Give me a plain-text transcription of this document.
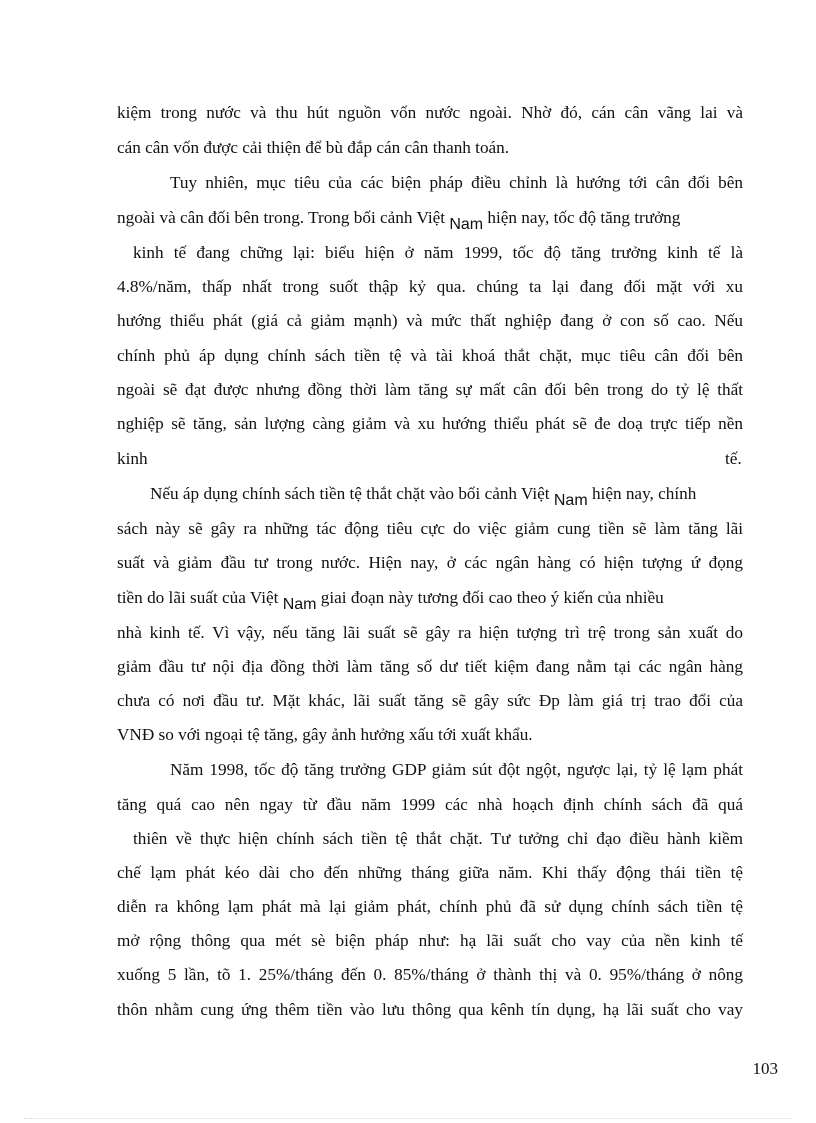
kiệm trong nước và thu hút nguồn vốn nước ngoài. Nhờ đó, cán cân vãng lai và
cán cân vốn được cải thiện để bù đắp cán cân thanh toán.
Tuy nhiên, mục tiêu của các biện pháp điều chỉnh là hướng tới cân đối bên
ngoài và cân đối bên trong. Trong bối cảnh Việt Nam hiện nay, tốc độ tăng trưởng
kinh tế đang chững lại: biểu hiện ở năm 1999, tốc độ tăng trưởng kinh tế là
4.8%/năm, thấp nhất trong suốt thập kỷ qua. chúng ta lại đang đối mặt với xu
hướng thiểu phát (giá cả giảm mạnh) và mức thất nghiệp đang ở con số cao. Nếu
chính phủ áp dụng chính sách tiền tệ và tài khoá thắt chặt, mục tiêu cân đối bên
ngoài sẽ đạt được nhưng đồng thời làm tăng sự mất cân đối bên trong do tỷ lệ thất
nghiệp sẽ tăng, sản lượng càng giảm và xu hướng thiểu phát sẽ đe doạ trực tiếp nền
kinh	tế.
Nếu áp dụng chính sách tiền tệ thắt chặt vào bối cảnh Việt Nam hiện nay, chính
sách này sẽ gây ra những tác động tiêu cực do việc giảm cung tiền sẽ làm tăng lãi
suất và giảm đầu tư trong nước. Hiện nay, ở các ngân hàng có hiện tượng ứ đọng
tiền do lãi suất của Việt Nam giai đoạn này tương đối cao theo ý kiến của nhiều
nhà kinh tế. Vì vậy, nếu tăng lãi suất sẽ gây ra hiện tượng trì trệ trong sản xuất do
giảm đầu tư nội địa đồng thời làm tăng số dư tiết kiệm đang nằm tại các ngân hàng
chưa có nơi đầu tư. Mặt khác, lãi suất tăng sẽ gây sức Ðp làm giá trị trao đổi của
VNĐ so với ngoại tệ tăng, gây ảnh hưởng xấu tới xuất khẩu.
Năm 1998, tốc độ tăng trưởng GDP giảm sút đột ngột, ngược lại, tỷ lệ lạm phát
tăng quá cao nên ngay từ đầu năm 1999 các nhà hoạch định chính sách đã quá
thiên về thực hiện chính sách tiền tệ thắt chặt. Tư tưởng chỉ đạo điều hành kiềm
chế lạm phát kéo dài cho đến những tháng giữa năm. Khi thấy động thái tiền tệ
diễn ra không lạm phát mà lại giảm phát, chính phủ đã sử dụng chính sách tiền tệ
mở rộng thông qua mét sè biện pháp như: hạ lãi suất cho vay của nền kinh tế
xuống 5 lần, tõ 1. 25%/tháng đến 0. 85%/tháng ở thành thị và 0. 95%/tháng ở nông
thôn nhằm cung ứng thêm tiền vào lưu thông qua kênh tín dụng, hạ lãi suất cho vay
103
